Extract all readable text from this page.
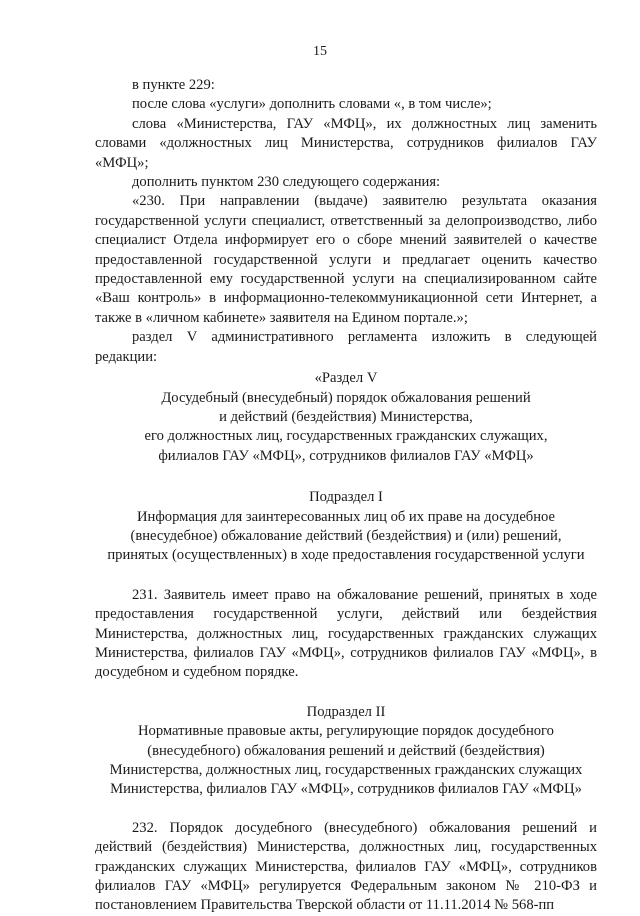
15

в пункте 229:

после слова «услуги» дополнить словами «, в том числе»;

слова «Министерства, ГАУ «МФЦ», их должностных лиц заменить словами «должностных лиц Министерства, сотрудников филиалов ГАУ «МФЦ»;

дополнить пунктом 230 следующего содержания:

«230. При направлении (выдаче) заявителю результата оказания государственной услуги специалист, ответственный за делопроизводство, либо специалист Отдела информирует его о сборе мнений заявителей о качестве предоставленной государственной услуги и предлагает оценить качество предоставленной ему государственной услуги на специализированном сайте «Ваш контроль» в информационно-телекоммуникационной сети Интернет, а также в «личном кабинете» заявителя на Едином портале.»;

раздел V административного регламента изложить в следующей редакции:

«Раздел V

Досудебный (внесудебный) порядок обжалования решений

и действий (бездействия) Министерства,

его должностных лиц, государственных гражданских служащих,

филиалов ГАУ «МФЦ», сотрудников филиалов ГАУ «МФЦ»

Подраздел I

Информация для заинтересованных лиц об их праве на досудебное

(внесудебное) обжалование действий (бездействия) и (или) решений,

принятых (осуществленных) в ходе предоставления государственной услуги

231. Заявитель имеет право на обжалование решений, принятых в ходе предоставления государственной услуги, действий или бездействия Министерства, должностных лиц, государственных гражданских служащих Министерства, филиалов ГАУ «МФЦ», сотрудников филиалов ГАУ «МФЦ», в досудебном и судебном порядке.

Подраздел II

Нормативные правовые акты, регулирующие порядок досудебного

(внесудебного) обжалования решений и действий (бездействия)

Министерства, должностных лиц, государственных гражданских служащих

Министерства, филиалов ГАУ «МФЦ», сотрудников филиалов ГАУ «МФЦ»

232. Порядок досудебного (внесудебного) обжалования решений и действий (бездействия) Министерства, должностных лиц, государственных гражданских служащих Министерства, филиалов ГАУ «МФЦ», сотрудников филиалов ГАУ «МФЦ» регулируется Федеральным законом № 210-ФЗ и постановлением Правительства Тверской области от 11.11.2014 № 568-пп
